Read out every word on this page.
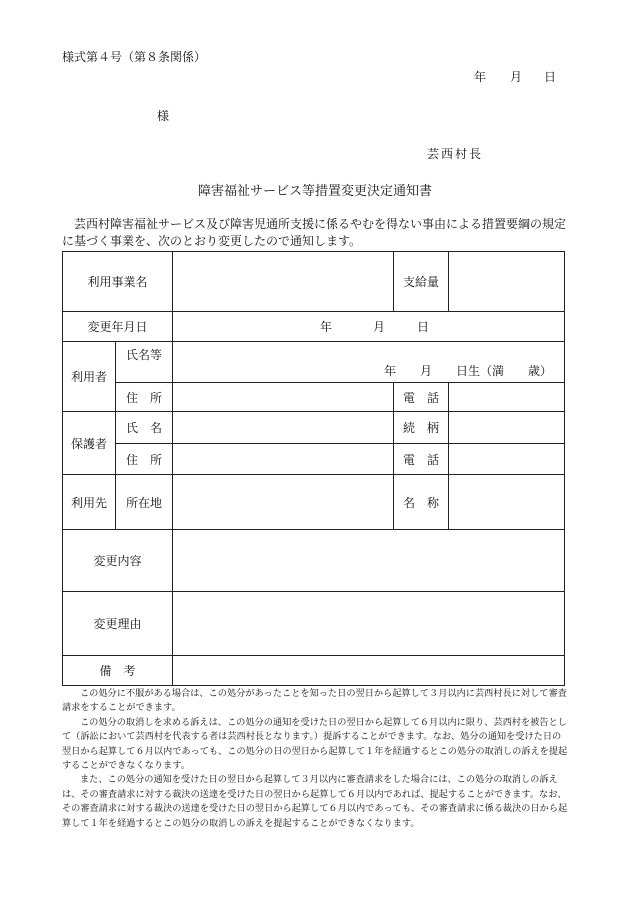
様式第４号（第８条関係）
年 月 日
様
芸西村長
障害福祉サービス等措置変更決定通知書

芸西村障害福祉サービス及び障害児通所支援に係るやむを得ない事由による措置要綱の規定に基づく事業を、次のとおり変更したので通知します。

利用事業名			支給量	
変更年月日		年 月 日		

利用者	氏名等	年　　月　　日生（満　　歳）		

	住　所		電　話	
保護者	氏　名		続　柄	
	住　所		電　話	
利用先	所在地		名　称	
変更内容				
変更理由				
備　考				

この処分に不服がある場合は、この処分があったことを知った日の翌日から起算して３月以内に芸西村長に対して審査請求をすることができます。

この処分の取消しを求める訴えは、この処分の通知を受けた日の翌日から起算して６月以内に限り、芸西村を被告として（訴訟において芸西村を代表する者は芸西村長となります。）提訴することができます。なお、処分の通知を受けた日の翌日から起算して６月以内であっても、この処分の日の翌日から起算して１年を経過するとこの処分の取消しの訴えを提起することができなくなります。

また、この処分の通知を受けた日の翌日から起算して３月以内に審査請求をした場合には、この処分の取消しの訴えは、その審査請求に対する裁決の送達を受けた日の翌日から起算して６月以内であれば、提起することができます。なお、その審査請求に対する裁決の送達を受けた日の翌日から起算して６月以内であっても、その審査請求に係る裁決の日から起算して１年を経過するとこの処分の取消しの訴えを提起することができなくなります。
